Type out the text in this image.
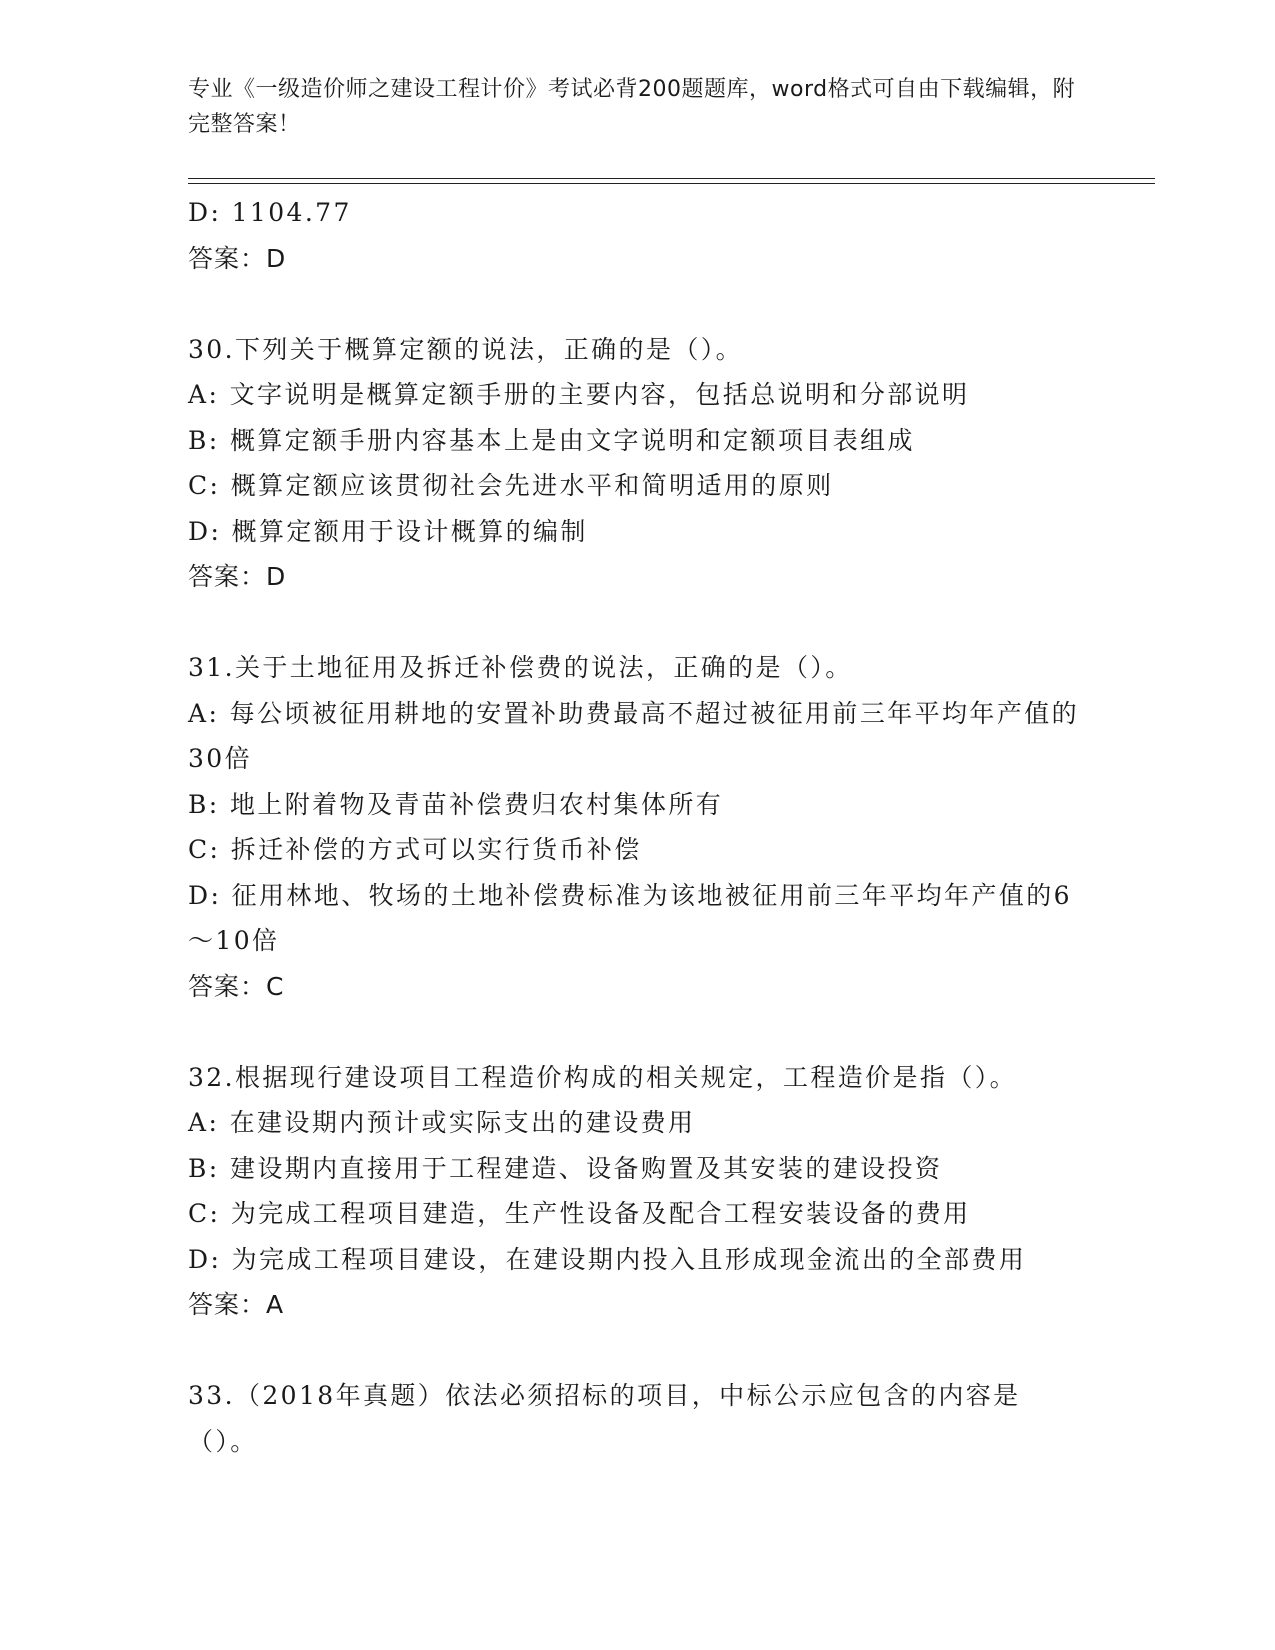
专业《一级造价师之建设工程计价》考试必背200题题库，word格式可自由下载编辑，附完整答案！
D: 1104.77
答案：D
30.下列关于概算定额的说法，正确的是（）。
A: 文字说明是概算定额手册的主要内容，包括总说明和分部说明
B: 概算定额手册内容基本上是由文字说明和定额项目表组成
C: 概算定额应该贯彻社会先进水平和简明适用的原则
D: 概算定额用于设计概算的编制
答案：D
31.关于土地征用及拆迁补偿费的说法，正确的是（）。
A: 每公顷被征用耕地的安置补助费最高不超过被征用前三年平均年产值的30倍
B: 地上附着物及青苗补偿费归农村集体所有
C: 拆迁补偿的方式可以实行货币补偿
D: 征用林地、牧场的土地补偿费标准为该地被征用前三年平均年产值的6～10倍
答案：C
32.根据现行建设项目工程造价构成的相关规定，工程造价是指（）。
A: 在建设期内预计或实际支出的建设费用
B: 建设期内直接用于工程建造、设备购置及其安装的建设投资
C: 为完成工程项目建造，生产性设备及配合工程安装设备的费用
D: 为完成工程项目建设，在建设期内投入且形成现金流出的全部费用
答案：A
33.（2018年真题）依法必须招标的项目，中标公示应包含的内容是（）。
